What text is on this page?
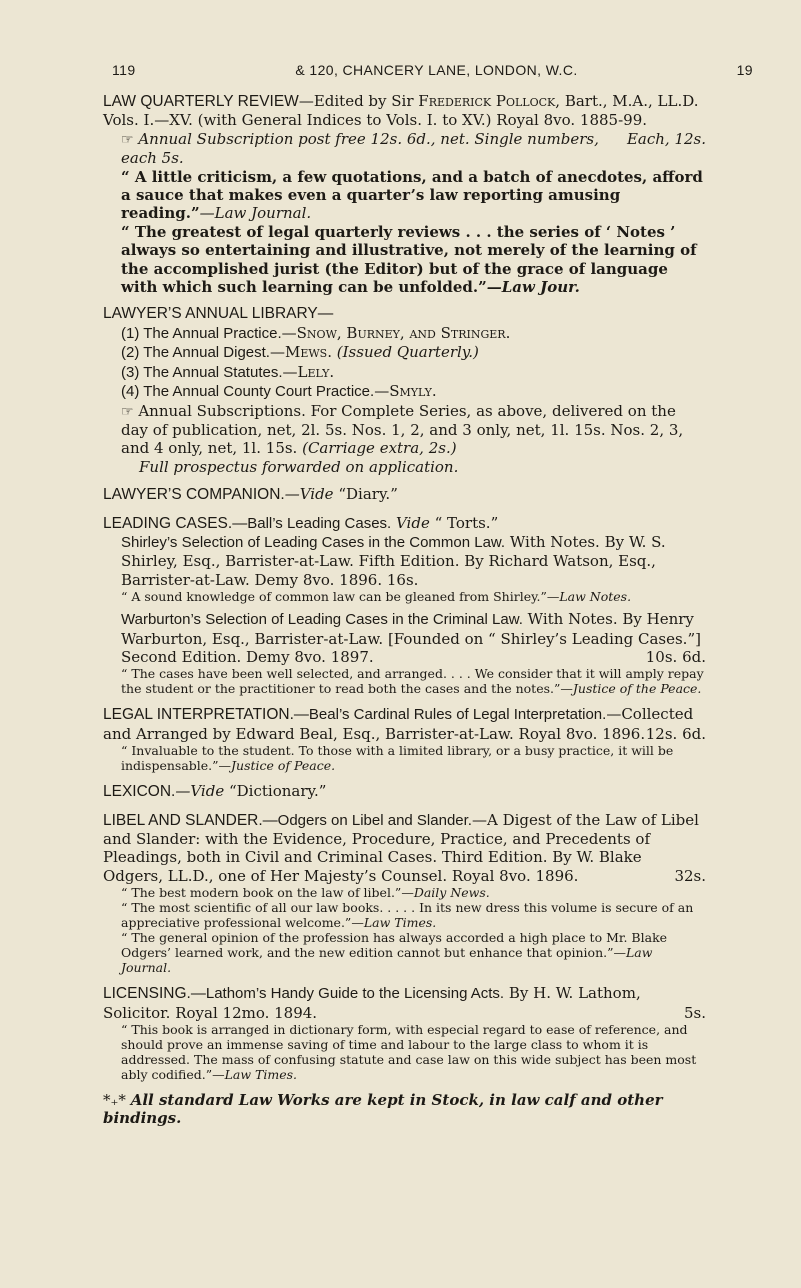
119	& 120, CHANCERY LANE, LONDON, W.C.	19

LAW QUARTERLY REVIEW—Edited by Sir Frederick Pollock, Bart., M.A., LL.D. Vols. I.—XV. (with General Indices to Vols. I. to XV.) Royal 8vo. 1885-99.
Each, 12s.

☞ Annual Subscription post free 12s. 6d., net. Single numbers, each 5s.

“ A little criticism, a few quotations, and a batch of anecdotes, afford a sauce that makes even a quarter’s law reporting amusing reading.”—Law Journal.

“ The greatest of legal quarterly reviews . . . the series of ‘ Notes ’ always so entertaining and illustrative, not merely of the learning of the accomplished jurist (the Editor) but of the grace of language with which such learning can be unfolded.”—Law Jour.

LAWYER’S ANNUAL LIBRARY—

(1) The Annual Practice.—Snow, Burney, and Stringer.

(2) The Annual Digest.—Mews. (Issued Quarterly.)

(3) The Annual Statutes.—Lely.

(4) The Annual County Court Practice.—Smyly.

☞ Annual Subscriptions. For Complete Series, as above, delivered on the day of publication, net, 2l. 5s. Nos. 1, 2, and 3 only, net, 1l. 15s. Nos. 2, 3, and 4 only, net, 1l. 15s. (Carriage extra, 2s.)

Full prospectus forwarded on application.

LAWYER’S COMPANION.—Vide “Diary.”

LEADING CASES.—Ball’s Leading Cases. Vide “ Torts.”

Shirley’s Selection of Leading Cases in the Common Law. With Notes. By W. S. Shirley, Esq., Barrister-at-Law. Fifth Edition. By Richard Watson, Esq., Barrister-at-Law. Demy 8vo. 1896. 16s.

“ A sound knowledge of common law can be gleaned from Shirley.”—Law Notes.

Warburton’s Selection of Leading Cases in the Criminal Law. With Notes. By Henry Warburton, Esq., Barrister-at-Law. [Founded on “ Shirley’s Leading Cases.”] Second Edition. Demy 8vo. 1897.	10s. 6d.

“ The cases have been well selected, and arranged. . . . We consider that it will amply repay the student or the practitioner to read both the cases and the notes.”—Justice of the Peace.

LEGAL INTERPRETATION.—Beal’s Cardinal Rules of Legal Interpretation.—Collected and Arranged by Edward Beal, Esq., Barrister-at-Law. Royal 8vo. 1896. 12s. 6d.

“ Invaluable to the student. To those with a limited library, or a busy practice, it will be indispensable.”—Justice of Peace.

LEXICON.—Vide “Dictionary.”

LIBEL AND SLANDER.—Odgers on Libel and Slander.—A Digest of the Law of Libel and Slander: with the Evidence, Procedure, Practice, and Precedents of Pleadings, both in Civil and Criminal Cases. Third Edition. By W. Blake Odgers, LL.D., one of Her Majesty’s Counsel. Royal 8vo. 1896.	32s.

“ The best modern book on the law of libel.”—Daily News.

“ The most scientific of all our law books. . . . . In its new dress this volume is secure of an appreciative professional welcome.”—Law Times.

“ The general opinion of the profession has always accorded a high place to Mr. Blake Odgers’ learned work, and the new edition cannot but enhance that opinion.”—Law Journal.

LICENSING.—Lathom’s Handy Guide to the Licensing Acts. By H. W. Lathom, Solicitor. Royal 12mo. 1894.	5s.

“ This book is arranged in dictionary form, with especial regard to ease of reference, and should prove an immense saving of time and labour to the large class to whom it is addressed. The mass of confusing statute and case law on this wide subject has been most ably codified.”—Law Times.

*₊* All standard Law Works are kept in Stock, in law calf and other bindings.
